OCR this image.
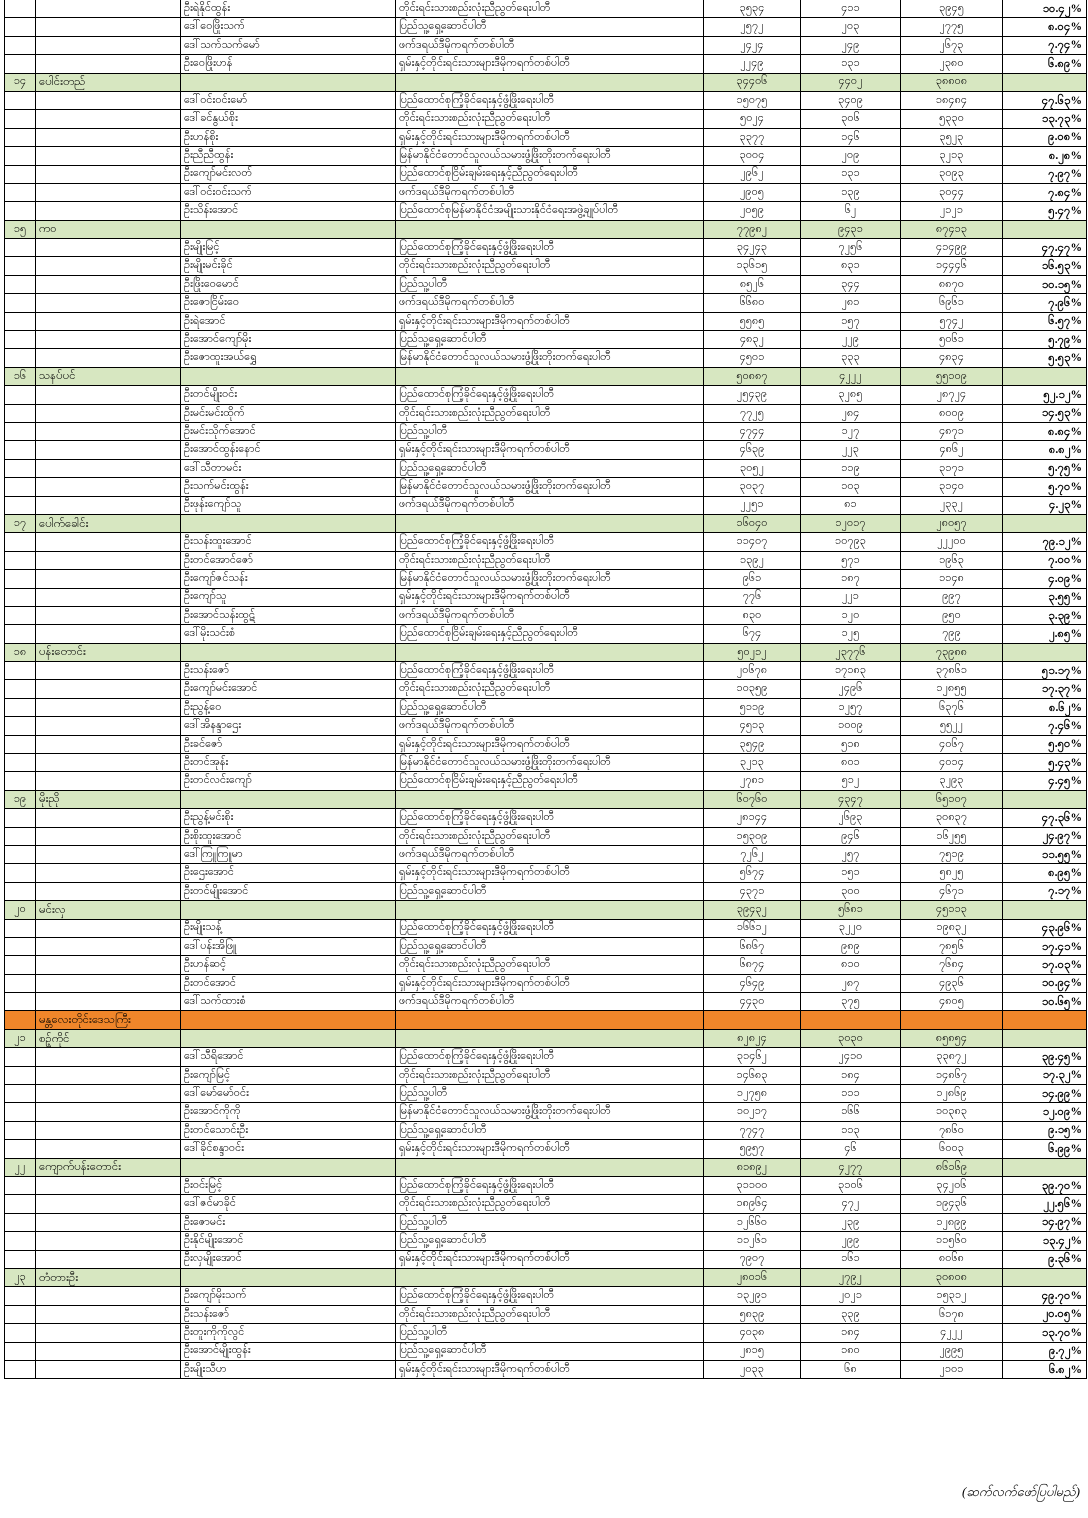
		ဦးရဲနိုင်ထွန်း	တိုင်းရင်းသားစည်းလုံးညီညွတ်ရေးပါတီ	၃၅၃၄	၄၁၁	၃၉၄၅	၁၀.၄၂%
		ဒေါ်ဝေဖြိုးသက်	ပြည်သူ့ရှေ့ဆောင်ပါတီ	၂၅၇၂	၂၀၃	၂၇၇၅	၈.၀၄%
		ဒေါ်သက်သက်မော်	ဖက်ဒရယ်ဒီမိုကရက်တစ်ပါတီ	၂၄၂၄	၂၄၉	၂၆၇၃	၇.၇၄%
		ဦးဝေဖြိုးဟန်	ရှမ်းနှင့်တိုင်းရင်းသားများဒီမိုကရက်တစ်ပါတီ	၂၂၄၉	၁၃၁	၂၃၈၀	၆.၈၉%
၁၄	ပေါင်းတည်			၃၄၄၀၆	၄၄၀၂	၃၈၈၀၈	
		ဒေါ်ဝင်းဝင်းမော်	ပြည်ထောင်စုကြံ့ခိုင်ရေးနှင့်ဖွံ့ဖြိုးရေးပါတီ	၁၅၀၇၅	၃၄၀၉	၁၈၄၈၄	၄၇.၆၃%
		ဒေါ်ခင်နွယ်စိုး	တိုင်းရင်းသားစည်းလုံးညီညွတ်ရေးပါတီ	၅၀၂၄	၃၀၆	၅၃၃၀	၁၃.၇၃%
		ဦးဟန်စိုး	ရှမ်းနှင့်တိုင်းရင်းသားများဒီမိုကရက်တစ်ပါတီ	၃၃၇၇	၁၄၆	၃၅၂၃	၉.၀၈%
		ဦးညီညီထွန်း	မြန်မာနိုင်ငံတောင်သူလယ်သမားဖွံ့ဖြိုးတိုးတက်ရေးပါတီ	၃၀၀၄	၂၀၉	၃၂၁၃	၈.၂၈%
		ဦးကျော်မင်းလတ်	ပြည်ထောင်စုငြိမ်းချမ်းရေးနှင့်ညီညွတ်ရေးပါတီ	၂၉၆၂	၁၃၁	၃၀၉၃	၇.၉၇%
		ဒေါ်ဝင်းဝင်းသက်	ဖက်ဒရယ်ဒီမိုကရက်တစ်ပါတီ	၂၉၀၅	၁၃၉	၃၀၄၄	၇.၈၄%
		ဦးသိန်းအောင်	ပြည်ထောင်စုမြန်မာနိုင်ငံအမျိုးသားနိုင်ငံရေးအဖွဲ့ချုပ်ပါတီ	၂၀၅၉	၆၂	၂၁၂၁	၅.၄၇%
၁၅	ကဝ			၇၇၉၈၂	၉၄၃၁	၈၇၄၁၃	
		ဦးမျိုးမြင့်	ပြည်ထောင်စုကြံ့ခိုင်ရေးနှင့်ဖွံ့ဖြိုးရေးပါတီ	၃၄၂၄၃	၇၂၅၆	၄၁၄၉၉	၄၇.၄၇%
		ဦးမျိုးမင်းခိုင်	တိုင်းရင်းသားစည်းလုံးညီညွတ်ရေးပါတီ	၁၃၆၁၅	၈၃၁	၁၄၄၄၆	၁၆.၅၃%
		ဦးဖြိုးဝေမောင်	ပြည်သူ့ပါတီ	၈၅၂၆	၃၄၄	၈၈၇၀	၁၀.၁၅%
		ဦးဇောငြိမ်းဝေ	ဖက်ဒရယ်ဒီမိုကရက်တစ်ပါတီ	၆၆၈၀	၂၈၁	၆၉၆၁	၇.၉၆%
		ဦးရဲအောင်	ရှမ်းနှင့်တိုင်းရင်းသားများဒီမိုကရက်တစ်ပါတီ	၅၅၈၅	၁၅၇	၅၇၄၂	၆.၅၇%
		ဦးအောင်ကျော်မိုး	ပြည်သူ့ရှေ့ဆောင်ပါတီ	၄၈၃၂	၂၂၉	၅၀၆၁	၅.၇၉%
		ဦးဇောထူးအယ်ရွှေ	မြန်မာနိုင်ငံတောင်သူလယ်သမားဖွံ့ဖြိုးတိုးတက်ရေးပါတီ	၄၅၀၁	၃၃၃	၄၈၃၄	၅.၅၃%
၁၆	သနပ်ပင်			၅၀၈၈၇	၄၂၂၂	၅၅၁၀၉	
		ဦးတင်မျိုးဝင်း	ပြည်ထောင်စုကြံ့ခိုင်ရေးနှင့်ဖွံ့ဖြိုးရေးပါတီ	၂၅၄၃၉	၃၂၈၅	၂၈၇၂၄	၅၂.၁၂%
		ဦးမင်းမင်းထိုက်	တိုင်းရင်းသားစည်းလုံးညီညွတ်ရေးပါတီ	၇၇၂၅	၂၈၄	၈၀၀၉	၁၄.၅၃%
		ဦးမင်းသိုက်အောင်	ပြည်သူ့ပါတီ	၄၇၄၄	၁၂၇	၄၈၇၁	၈.၈၄%
		ဦးအောင်ထွန်းနောင်	ရှမ်းနှင့်တိုင်းရင်းသားများဒီမိုကရက်တစ်ပါတီ	၄၆၃၉	၂၂၃	၄၈၆၂	၈.၈၂%
		ဒေါ်သီတာမင်း	ပြည်သူ့ရှေ့ဆောင်ပါတီ	၃၀၅၂	၁၁၉	၃၁၇၁	၅.၇၅%
		ဦးသက်မင်းထွန်း	မြန်မာနိုင်ငံတောင်သူလယ်သမားဖွံ့ဖြိုးတိုးတက်ရေးပါတီ	၃၀၃၇	၁၀၃	၃၁၄၀	၅.၇၀%
		ဦးဖုန်းကျော်သူ	ဖက်ဒရယ်ဒီမိုကရက်တစ်ပါတီ	၂၂၅၁	၈၁	၂၃၃၂	၄.၂၃%
၁၇	ပေါက်ခေါင်း			၁၆၀၄၀	၁၂၀၁၇	၂၈၀၅၇	
		ဦးသန်းထူးအောင်	ပြည်ထောင်စုကြံ့ခိုင်ရေးနှင့်ဖွံ့ဖြိုးရေးပါတီ	၁၁၄၀၇	၁၀၇၉၃	၂၂၂၀၀	၇၉.၁၂%
		ဦးတင်အောင်ဇော်	တိုင်းရင်းသားစည်းလုံးညီညွတ်ရေးပါတီ	၁၃၉၂	၅၇၁	၁၉၆၃	၇.၀၀%
		ဦးကျော်ဇင်သန်း	မြန်မာနိုင်ငံတောင်သူလယ်သမားဖွံ့ဖြိုးတိုးတက်ရေးပါတီ	၉၆၁	၁၈၇	၁၁၄၈	၄.၀၉%
		ဦးကျော်သူ	ရှမ်းနှင့်တိုင်းရင်းသားများဒီမိုကရက်တစ်ပါတီ	၇၇၆	၂၂၁	၉၉၇	၃.၅၅%
		ဦးအောင်သန်းထွဋ်	ဖက်ဒရယ်ဒီမိုကရက်တစ်ပါတီ	၈၃၀	၁၂၀	၉၅၀	၃.၃၉%
		ဒေါ်မိုးသင်းစံ	ပြည်ထောင်စုငြိမ်းချမ်းရေးနှင့်ညီညွတ်ရေးပါတီ	၆၇၄	၁၂၅	၇၉၉	၂.၈၅%
၁၈	ပန်းတောင်း			၅၀၂၁၂	၂၃၇၇၆	၇၃၉၈၈	
		ဦးသန်းဇော်	ပြည်ထောင်စုကြံ့ခိုင်ရေးနှင့်ဖွံ့ဖြိုးရေးပါတီ	၂၀၆၇၈	၁၇၁၈၃	၃၇၈၆၁	၅၁.၁၇%
		ဦးကျော်မင်းအောင်	တိုင်းရင်းသားစည်းလုံးညီညွတ်ရေးပါတီ	၁၀၃၅၉	၂၄၉၆	၁၂၈၅၅	၁၇.၃၇%
		ဦးညွန့်ဝေ	ပြည်သူ့ရှေ့ဆောင်ပါတီ	၅၁၁၉	၁၂၅၇	၆၃၇၆	၈.၆၂%
		ဒေါ်အိနန္ဒာဌေး	ဖက်ဒရယ်ဒီမိုကရက်တစ်ပါတီ	၄၅၁၃	၁၀၀၉	၅၅၂၂	၇.၄၆%
		ဦးခင်ဇော်	ရှမ်းနှင့်တိုင်းရင်းသားများဒီမိုကရက်တစ်ပါတီ	၃၅၄၉	၅၁၈	၄၀၆၇	၅.၅၀%
		ဦးတင်အုန်း	မြန်မာနိုင်ငံတောင်သူလယ်သမားဖွံ့ဖြိုးတိုးတက်ရေးပါတီ	၃၂၁၃	၈၀၁	၄၀၁၄	၅.၄၃%
		ဦးတင်လင်းကျော်	ပြည်ထောင်စုငြိမ်းချမ်းရေးနှင့်ညီညွတ်ရေးပါတီ	၂၇၈၁	၅၁၂	၃၂၉၃	၄.၄၅%
၁၉	မိုးညို			၆၀၇၆၀	၄၃၄၇	၆၅၁၀၇	
		ဦးညွန့်မင်းစိုး	ပြည်ထောင်စုကြံ့ခိုင်ရေးနှင့်ဖွံ့ဖြိုးရေးပါတီ	၂၈၁၄၄	၂၆၉၃	၃၀၈၃၇	၄၇.၃၆%
		ဦးစိုးထူးအောင်	တိုင်းရင်းသားစည်းလုံးညီညွတ်ရေးပါတီ	၁၅၃၀၉	၉၄၆	၁၆၂၅၅	၂၄.၉၇%
		ဒေါ်ကြူကြူမာ	ဖက်ဒရယ်ဒီမိုကရက်တစ်ပါတီ	၇၂၆၂	၂၅၇	၇၅၁၉	၁၁.၅၅%
		ဦးဌေးအောင်	ရှမ်းနှင့်တိုင်းရင်းသားများဒီမိုကရက်တစ်ပါတီ	၅၆၇၄	၁၅၁	၅၈၂၅	၈.၉၅%
		ဦးတင်မျိုးအောင်	ပြည်သူ့ရှေ့ဆောင်ပါတီ	၄၃၇၁	၃၀၀	၄၆၇၁	၇.၁၇%
၂၀	မင်းလှ			၃၉၄၃၂	၅၆၈၁	၄၅၁၁၃	
		ဦးမျိုးသန့်	ပြည်ထောင်စုကြံ့ခိုင်ရေးနှင့်ဖွံ့ဖြိုးရေးပါတီ	၁၆၆၁၂	၃၂၂၀	၁၉၈၃၂	၄၃.၉၆%
		ဒေါ်ပန်းအိဖြူ	ပြည်သူ့ရှေ့ဆောင်ပါတီ	၆၈၆၇	၉၈၉	၇၈၅၆	၁၇.၄၁%
		ဦးဟန်ဆင့်	တိုင်းရင်းသားစည်းလုံးညီညွတ်ရေးပါတီ	၆၈၇၄	၈၁၀	၇၆၈၄	၁၇.၀၃%
		ဦးတင်အောင်	ရှမ်းနှင့်တိုင်းရင်းသားများဒီမိုကရက်တစ်ပါတီ	၄၆၄၉	၂၈၇	၄၉၃၆	၁၀.၉၄%
		ဒေါ်သက်ထားစံ	ဖက်ဒရယ်ဒီမိုကရက်တစ်ပါတီ	၄၄၃၀	၃၇၅	၄၈၀၅	၁၀.၆၅%
	မန္တလေးတိုင်းဒေသကြီး						
၂၁	စဉ့်ကိုင်			၈၂၈၂၄	၃၀၃၀	၈၅၈၅၄	
		ဒေါ်သီရိအောင်	ပြည်ထောင်စုကြံ့ခိုင်ရေးနှင့်ဖွံ့ဖြိုးရေးပါတီ	၃၁၄၆၂	၂၄၁၀	၃၃၈၇၂	၃၉.၄၅%
		ဦးကျော်မြင့်	တိုင်းရင်းသားစည်းလုံးညီညွတ်ရေးပါတီ	၁၄၆၈၃	၁၈၄	၁၄၈၆၇	၁၇.၃၂%
		ဒေါ်မော်မော်ဝင်း	ပြည်သူ့ပါတီ	၁၂၇၅၈	၁၁၁	၁၂၈၆၉	၁၄.၉၉%
		ဦးအောင်ကိုကို	မြန်မာနိုင်ငံတောင်သူလယ်သမားဖွံ့ဖြိုးတိုးတက်ရေးပါတီ	၁၀၂၁၇	၁၆၆	၁၀၃၈၃	၁၂.၀၉%
		ဦးတင်သောင်းဦး	ပြည်သူ့ရှေ့ဆောင်ပါတီ	၇၇၄၇	၁၁၃	၇၈၆၀	၉.၁၅%
		ဒေါ်ခိုင်စန္ဒာဝင်း	ရှမ်းနှင့်တိုင်းရင်းသားများဒီမိုကရက်တစ်ပါတီ	၅၉၅၇	၄၆	၆၀၀၃	၆.၉၉%
၂၂	ကျောက်ပန်းတောင်း			၈၁၈၉၂	၄၂၇၇	၈၆၁၆၉	
		ဦးဝင်းမြင့်	ပြည်ထောင်စုကြံ့ခိုင်ရေးနှင့်ဖွံ့ဖြိုးရေးပါတီ	၃၁၁၀၀	၃၁၀၆	၃၄၂၀၆	၃၉.၇၀%
		ဒေါ်ဇင်မာခိုင်	တိုင်းရင်းသားစည်းလုံးညီညွတ်ရေးပါတီ	၁၈၉၆၄	၄၇၂	၁၉၄၃၆	၂၂.၅၆%
		ဦးဇောမင်း	ပြည်သူ့ပါတီ	၁၂၆၆၀	၂၃၉	၁၂၈၉၉	၁၄.၉၇%
		ဦးနိုင်မျိုးအောင်	ပြည်သူ့ရှေ့ဆောင်ပါတီ	၁၁၂၆၁	၂၉၉	၁၁၅၆၀	၁၃.၄၂%
		ဦးလှမျိုးအောင်	ရှမ်းနှင့်တိုင်းရင်းသားများဒီမိုကရက်တစ်ပါတီ	၇၉၀၇	၁၆၁	၈၀၆၈	၉.၃၆%
၂၃	တံတားဦး			၂၈၀၁၆	၂၇၉၂	၃၀၈၀၈	
		ဦးကျော်မိုးသက်	ပြည်ထောင်စုကြံ့ခိုင်ရေးနှင့်ဖွံ့ဖြိုးရေးပါတီ	၁၃၂၉၁	၂၀၂၁	၁၅၃၁၂	၄၉.၇၀%
		ဦးသန်းဇော်	တိုင်းရင်းသားစည်းလုံးညီညွတ်ရေးပါတီ	၅၈၃၉	၃၃၉	၆၁၇၈	၂၀.၀၅%
		ဦးတူးကိုကိုလွင်	ပြည်သူ့ပါတီ	၄၀၃၈	၁၈၄	၄၂၂၂	၁၃.၇၀%
		ဦးအောင်မျိုးထွန်း	ပြည်သူ့ရှေ့ဆောင်ပါတီ	၂၈၁၅	၁၈၀	၂၉၉၅	၉.၇၂%
		ဦးမျိုးသီဟ	ရှမ်းနှင့်တိုင်းရင်းသားများဒီမိုကရက်တစ်ပါတီ	၂၀၃၃	၆၈	၂၁၀၁	၆.၈၂%
(ဆက်လက်ဖော်ပြပါမည်)
